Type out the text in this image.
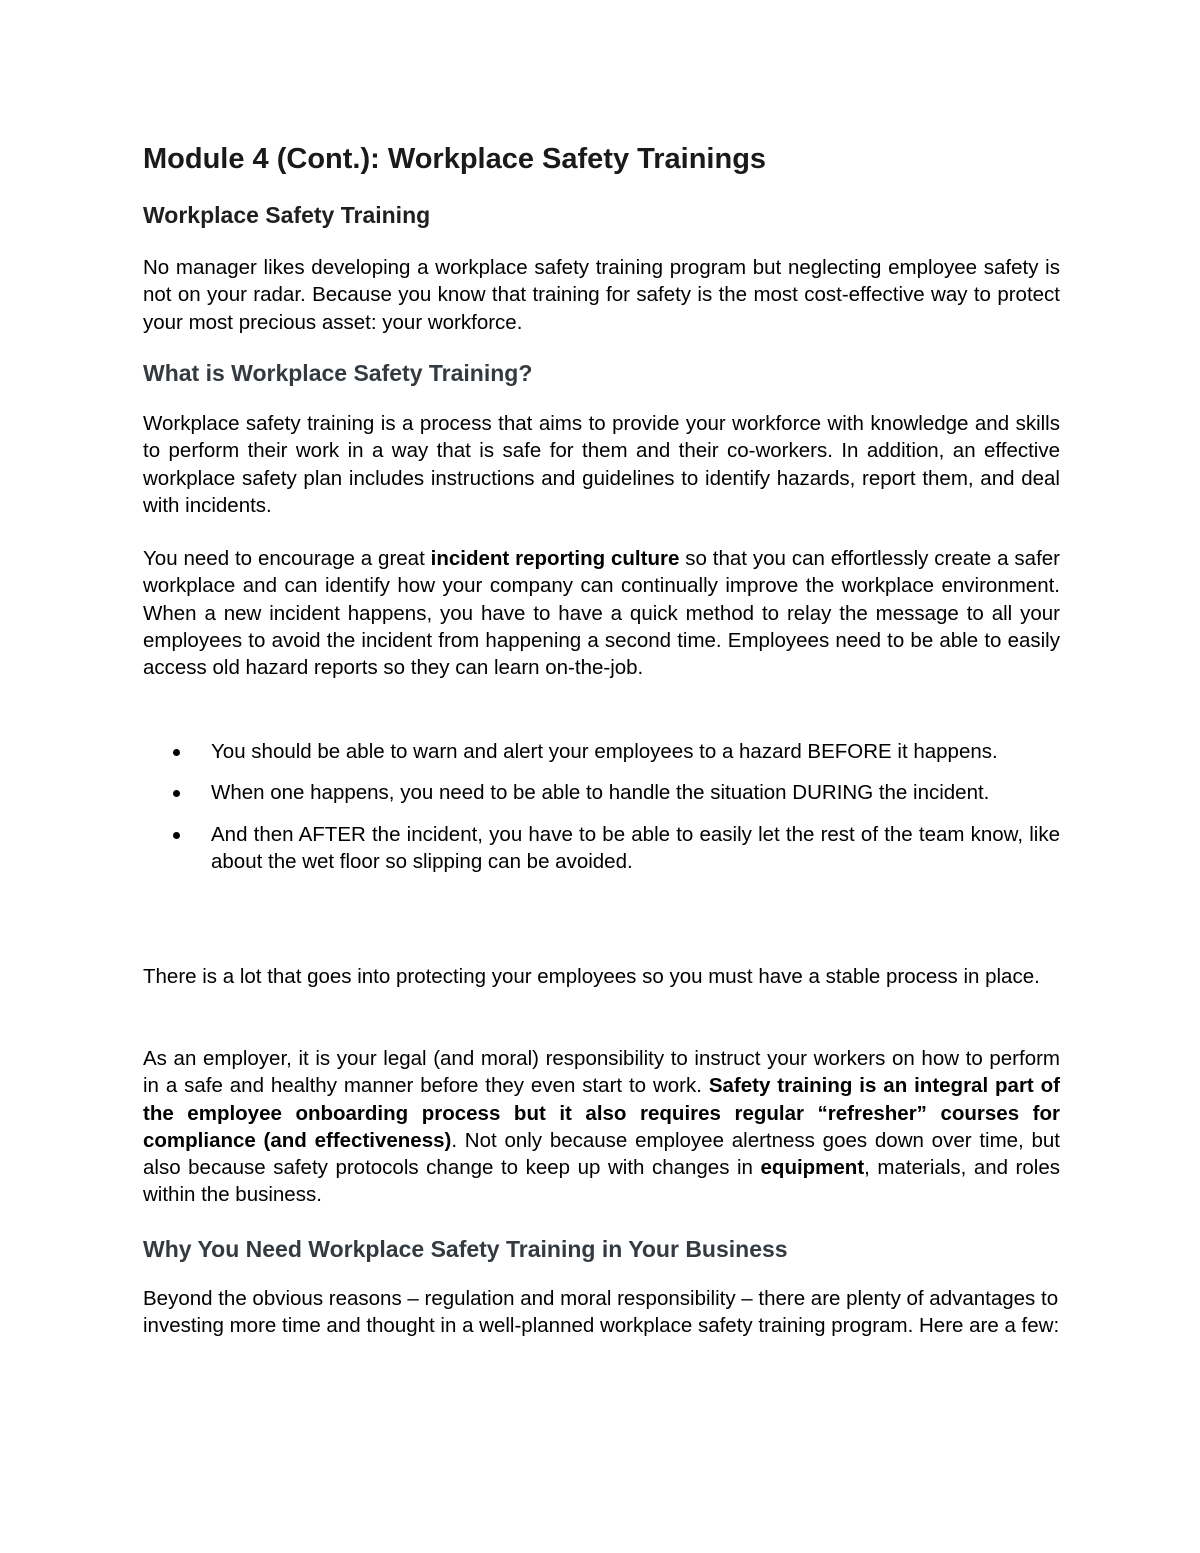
Module 4 (Cont.): Workplace Safety Trainings
Workplace Safety Training

No manager likes developing a workplace safety training program but neglecting employee safety is not on your radar. Because you know that training for safety is the most cost-effective way to protect your most precious asset: your workforce.

What is Workplace Safety Training?

Workplace safety training is a process that aims to provide your workforce with knowledge and skills to perform their work in a way that is safe for them and their co-workers. In addition, an effective workplace safety plan includes instructions and guidelines to identify hazards, report them, and deal with incidents.

You need to encourage a great incident reporting culture so that you can effortlessly create a safer workplace and can identify how your company can continually improve the workplace environment. When a new incident happens, you have to have a quick method to relay the message to all your employees to avoid the incident from happening a second time. Employees need to be able to easily access old hazard reports so they can learn on-the-job.

You should be able to warn and alert your employees to a hazard BEFORE it happens.
When one happens, you need to be able to handle the situation DURING the incident.
And then AFTER the incident, you have to be able to easily let the rest of the team know, like about the wet floor so slipping can be avoided.

There is a lot that goes into protecting your employees so you must have a stable process in place.

As an employer, it is your legal (and moral) responsibility to instruct your workers on how to perform in a safe and healthy manner before they even start to work. Safety training is an integral part of the employee onboarding process but it also requires regular “refresher” courses for compliance (and effectiveness). Not only because employee alertness goes down over time, but also because safety protocols change to keep up with changes in equipment, materials, and roles within the business.

Why You Need Workplace Safety Training in Your Business

Beyond the obvious reasons – regulation and moral responsibility – there are plenty of advantages to investing more time and thought in a well-planned workplace safety training program. Here are a few:
